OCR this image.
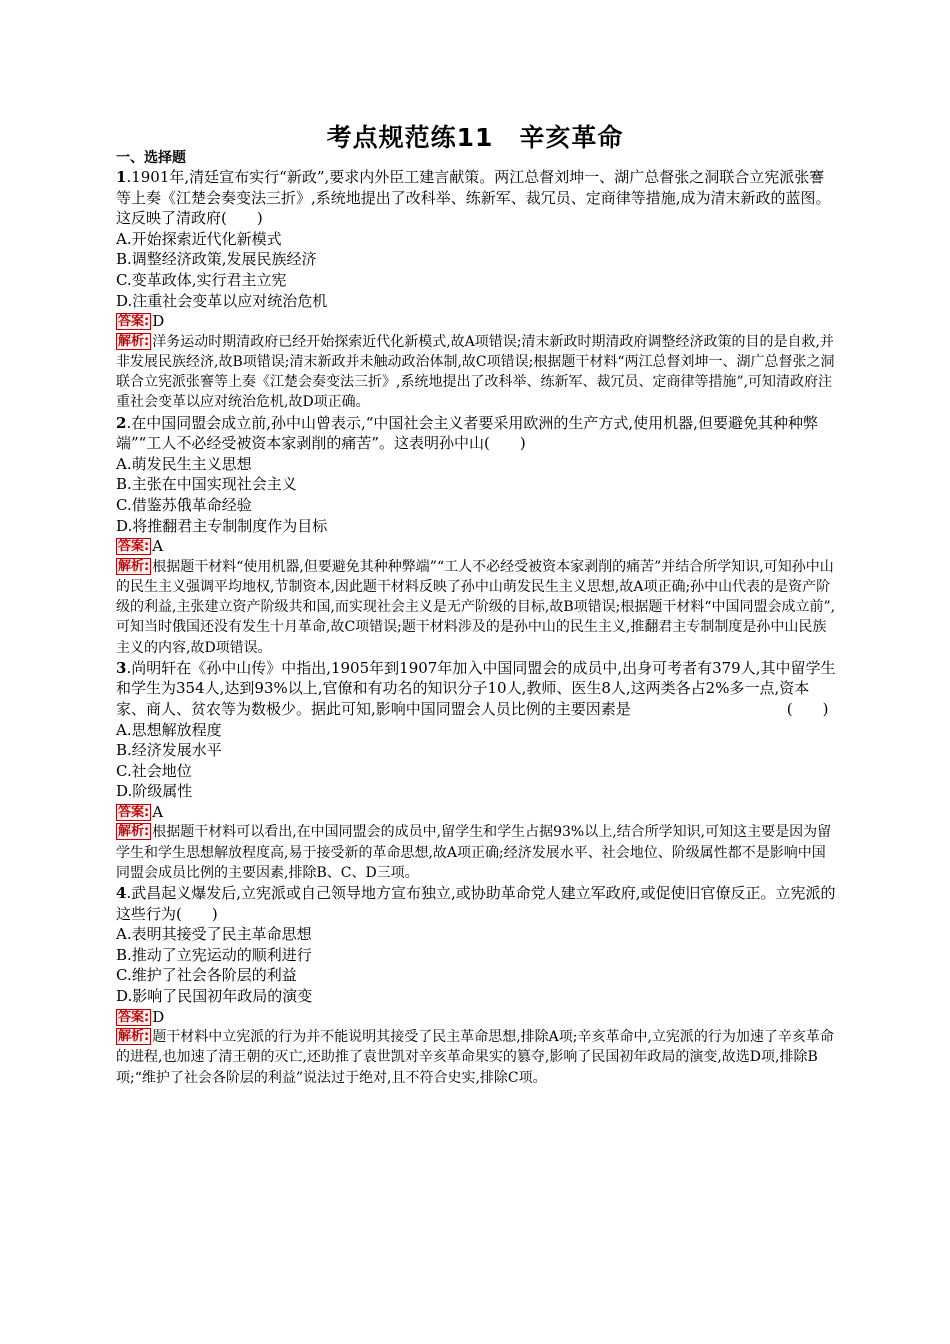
考点规范练11　辛亥革命
一、选择题
1.1901年,清廷宣布实行“新政”,要求内外臣工建言献策。两江总督刘坤一、湖广总督张之洞联合立宪派张謇等上奏《江楚会奏变法三折》,系统地提出了改科举、练新军、裁冗员、定商律等措施,成为清末新政的蓝图。这反映了清政府(　　)
A.开始探索近代化新模式
B.调整经济政策,发展民族经济
C.变革政体,实行君主立宪
D.注重社会变革以应对统治危机
答案: D
解析: 洋务运动时期清政府已经开始探索近代化新模式,故A项错误;清末新政时期清政府调整经济政策的目的是自救,并非发展民族经济,故B项错误;清末新政并未触动政治体制,故C项错误;根据题干材料“两江总督刘坤一、湖广总督张之洞联合立宪派张謇等上奏《江楚会奏变法三折》,系统地提出了改科举、练新军、裁冗员、定商律等措施”,可知清政府注重社会变革以应对统治危机,故D项正确。
2.在中国同盟会成立前,孙中山曾表示,“中国社会主义者要采用欧洲的生产方式,使用机器,但要避免其种种弊端”“工人不必经受被资本家剥削的痛苦”。这表明孙中山(　　)
A.萌发民生主义思想
B.主张在中国实现社会主义
C.借鉴苏俄革命经验
D.将推翻君主专制制度作为目标
答案: A
解析: 根据题干材料“使用机器,但要避免其种种弊端”“工人不必经受被资本家剥削的痛苦”并结合所学知识,可知孙中山的民生主义强调平均地权,节制资本,因此题干材料反映了孙中山萌发民生主义思想,故A项正确;孙中山代表的是资产阶级的利益,主张建立资产阶级共和国,而实现社会主义是无产阶级的目标,故B项错误;根据题干材料“中国同盟会成立前”,可知当时俄国还没有发生十月革命,故C项错误;题干材料涉及的是孙中山的民生主义,推翻君主专制制度是孙中山民族主义的内容,故D项错误。
3.尚明轩在《孙中山传》中指出,1905年到1907年加入中国同盟会的成员中,出身可考者有379人,其中留学生和学生为354人,达到93%以上,官僚和有功名的知识分子10人,教师、医生8人,这两类各占2%多一点,资本家、商人、贫农等为数极少。据此可知,影响中国同盟会人员比例的主要因素是	(　　)
A.思想解放程度
B.经济发展水平
C.社会地位
D.阶级属性
答案: A
解析: 根据题干材料可以看出,在中国同盟会的成员中,留学生和学生占据93%以上,结合所学知识,可知这主要是因为留学生和学生思想解放程度高,易于接受新的革命思想,故A项正确;经济发展水平、社会地位、阶级属性都不是影响中国同盟会成员比例的主要因素,排除B、C、D三项。
4.武昌起义爆发后,立宪派或自己领导地方宣布独立,或协助革命党人建立军政府,或促使旧官僚反正。立宪派的这些行为(　　)
A.表明其接受了民主革命思想
B.推动了立宪运动的顺利进行
C.维护了社会各阶层的利益
D.影响了民国初年政局的演变
答案: D
解析: 题干材料中立宪派的行为并不能说明其接受了民主革命思想,排除A项;辛亥革命中,立宪派的行为加速了辛亥革命的进程,也加速了清王朝的灭亡,还助推了袁世凯对辛亥革命果实的篡夺,影响了民国初年政局的演变,故选D项,排除B项;“维护了社会各阶层的利益”说法过于绝对,且不符合史实,排除C项。
